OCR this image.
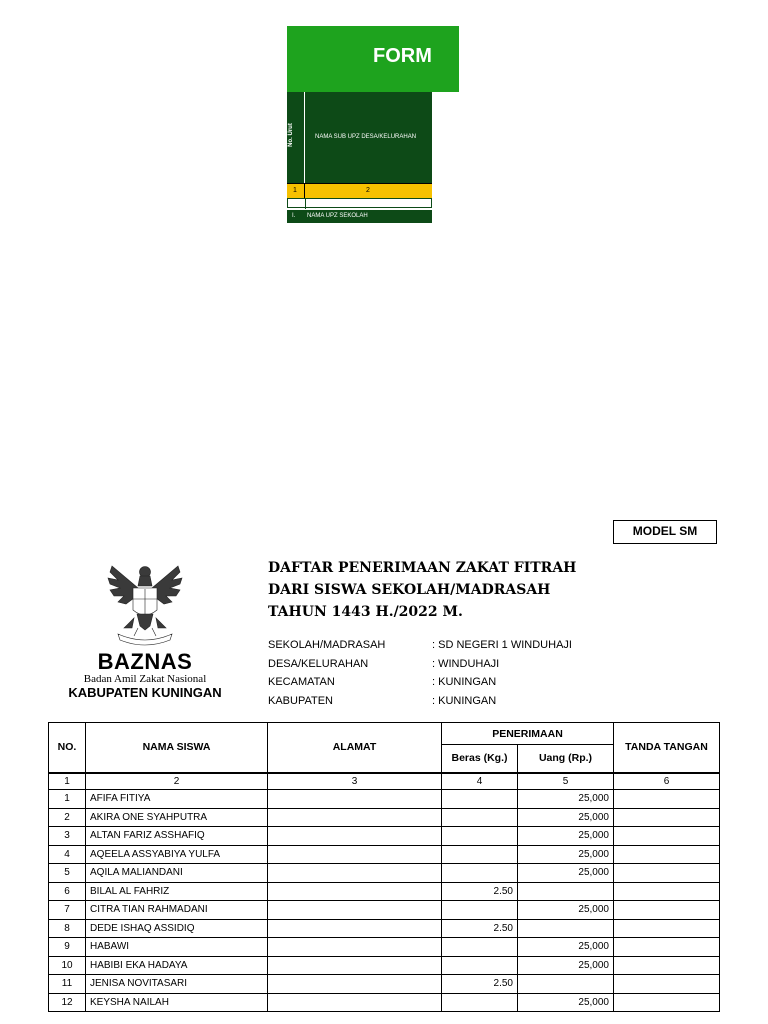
FORM
No. Urut	NAMA SUB UPZ DESA/KELURAHAN
1	2
I. NAMA UPZ SEKOLAH
MODEL SM
BAZNAS
Badan Amil Zakat Nasional
KABUPATEN KUNINGAN
DAFTAR PENERIMAAN ZAKAT FITRAH
DARI SISWA SEKOLAH/MADRASAH
TAHUN 1443 H./2022 M.
SEKOLAH/MADRASAH	: SD NEGERI 1 WINDUHAJI
DESA/KELURAHAN	: WINDUHAJI
KECAMATAN	: KUNINGAN
KABUPATEN	: KUNINGAN
NO.	NAMA SISWA	ALAMAT	PENERIMAAN		TANDA TANGAN
			Beras (Kg.)	Uang (Rp.)	
1	2	3	4	5	6
1	AFIFA FITIYA			25,000	
2	AKIRA ONE SYAHPUTRA			25,000	
3	ALTAN FARIZ ASSHAFIQ			25,000	
4	AQEELA ASSYABIYA YULFA			25,000	
5	AQILA MALIANDANI			25,000	
6	BILAL AL FAHRIZ		2.50		
7	CITRA TIAN RAHMADANI			25,000	
8	DEDE ISHAQ ASSIDIQ		2.50		
9	HABAWI			25,000	
10	HABIBI EKA HADAYA			25,000	
11	JENISA NOVITASARI		2.50		
12	KEYSHA NAILAH			25,000	
